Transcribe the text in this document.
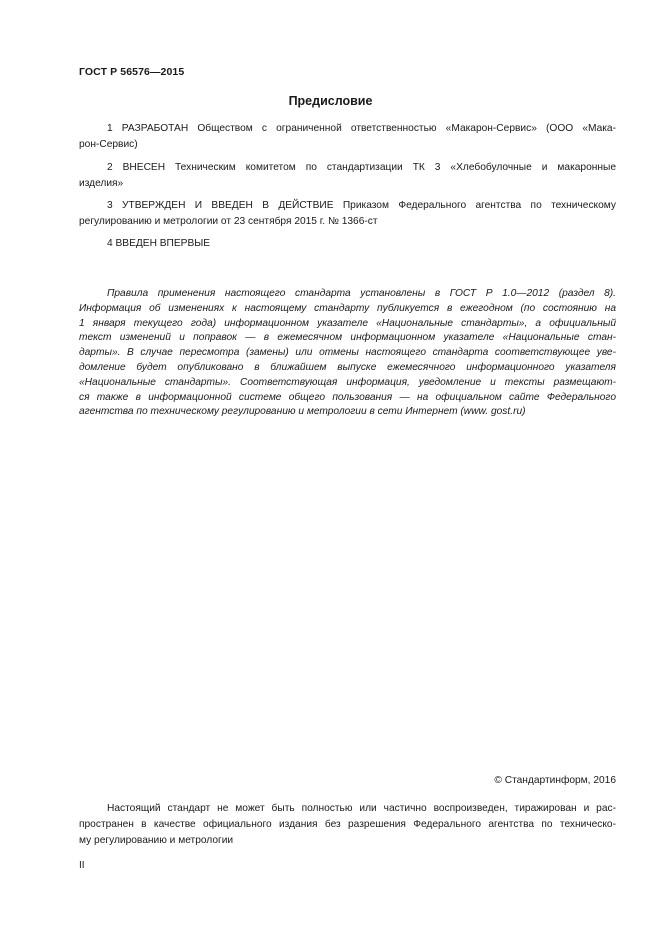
ГОСТ Р 56576—2015
Предисловие
1 РАЗРАБОТАН Обществом с ограниченной ответственностью «Макарон-Сервис» (ООО «Мака-
рон-Сервис)
2 ВНЕСЕН Техническим комитетом по стандартизации ТК 3 «Хлебобулочные и макаронные
изделия»
3 УТВЕРЖДЕН И ВВЕДЕН В ДЕЙСТВИЕ Приказом Федерального агентства по техническому
регулированию и метрологии от 23 сентября 2015 г. № 1366-ст
4 ВВЕДЕН ВПЕРВЫЕ
Правила применения настоящего стандарта установлены в ГОСТ Р 1.0—2012 (раздел 8).
Информация об изменениях к настоящему стандарту публикуется в ежегодном (по состоянию на
1 января текущего года) информационном указателе «Национальные стандарты», а официальный
текст изменений и поправок — в ежемесячном информационном указателе «Национальные стан-
дарты». В случае пересмотра (замены) или отмены настоящего стандарта соответствующее уве-
домление будет опубликовано в ближайшем выпуске ежемесячного информационного указателя
«Национальные стандарты». Соответствующая информация, уведомление и тексты размещают-
ся также в информационной системе общего пользования — на официальном сайте Федерального
агентства по техническому регулированию и метрологии в сети Интернет (www. gost.ru)
© Стандартинформ, 2016
Настоящий стандарт не может быть полностью или частично воспроизведен, тиражирован и рас-
пространен в качестве официального издания без разрешения Федерального агентства по техническо-
му регулированию и метрологии
II
